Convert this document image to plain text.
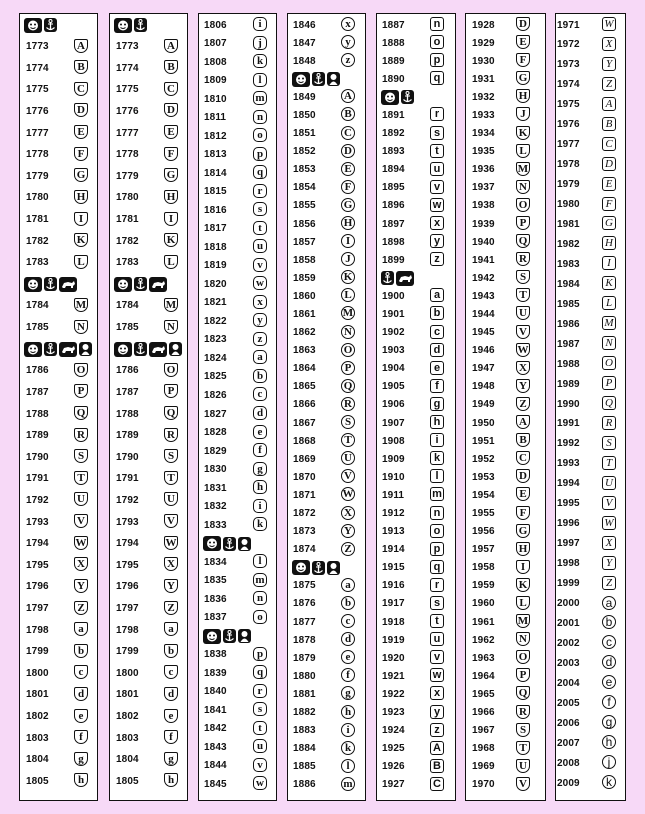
1773	A
1774	B
1775	C
1776	D
1777	E
1778	F
1779	G
1780	H
1781	I
1782	K
1783	L
1784 M
1785	N
1786	O
1787	P
1788	Q
1789	R
1790	S
1791	T
1792	U
1793	V
1794 W
1795	X
1796	Y
1797	Z
1798	a
1799	b
1800	c
1801	d
1802	e
1803	f
1804	g
1805	h
1773	A
1774	B
1775	C
1776	D
1777	E
1778	F
1779	G
1780	H
1781	I
1782	K
1783	L
1784 M
1785	N
1786	O
1787	P
1788	Q
1789	R
1790	S
1791	T
1792	U
1793	V
1794 W
1795	X
1796	Y
1797	Z
1798	a
1799	b
1800	c
1801	d
1802	e
1803	f
1804	g
1805	h
1806	i
1807	j
1808	k
1809	l
1810	m
1811	n
1812	o
1813	p
1814	q
1815	r
1816	s
1817	t
1818	u
1819	v
1820	w
1821	x
1822	y
1823	z
1824	a
1825	b
1826	c
1827	d
1828	e
1829	f
1830	g
1831	h
1832	i
1833	k
1834	l
1835	m
1836	n
1837	o
1838	p
1839	q
1840	r
1841	s
1842	t
1843	u
1844	v
1845	w
1846	x
1847	y
1848	z
1849	A
1850	B
1851	C
1852	D
1853	E
1854	F
1855	G
1856	H
1857	I
1858	J
1859	K
1860	L
1861 M
1862	N
1863	O
1864	P
1865	Q
1866	R
1867	S
1868	T
1869	U
1870	V
1871 W
1872	X
1873	Y
1874	Z
1875	a
1876	b
1877	c
1878	d
1879	e
1880	f
1881	g
1882	h
1883	i
1884	k
1885	l
1886	m
1887	n
1888	o
1889	p
1890	q
1891	r
1892	s
1893	t
1894	u
1895	v
1896	w
1897	x
1898	y
1899	z
1900	a
1901	b
1902	c
1903	d
1904	e
1905	f
1906	g
1907	h
1908	i
1909	k
1910	l
1911	m
1912	n
1913	o
1914	p
1915	q
1916	r
1917	s
1918	t
1919	u
1920	v
1921	w
1922	x
1923	y
1924	z
1925	A
1926	B
1927	C
1928 D
1929	E
1930	F
1931 G
1932 H
1933	J
1934 K
1935	L
1936 M
1937 N
1938 O
1939	P
1940 Q
1941 R
1942	S
1943	T
1944 U
1945 V
1946 W
1947 X
1948 Y
1949	Z
1950 A
1951	B
1952 C
1953 D
1954	E
1955	F
1956 G
1957 H
1958	I
1959 K
1960	L
1961 M
1962 N
1963 O
1964	P
1965 Q
1966 R
1967	S
1968	T
1969 U
1970 V
1971 W
1972	X
1973	Y
1974	Z
1975	A
1976	B
1977	C
1978 D
1979	E
1980	F
1981 G
1982 H
1983	I
1984	K
1985	L
1986 M
1987	N
1988 O
1989	P
1990 Q
1991	R
1992	S
1993	T
1994 U
1995	V
1996 W
1997	X
1998	Y
1999	Z
2000	a
2001	b
2002	c
2003	d
2004	e
2005	f
2006	g
2007	h
2008	j
2009	k
